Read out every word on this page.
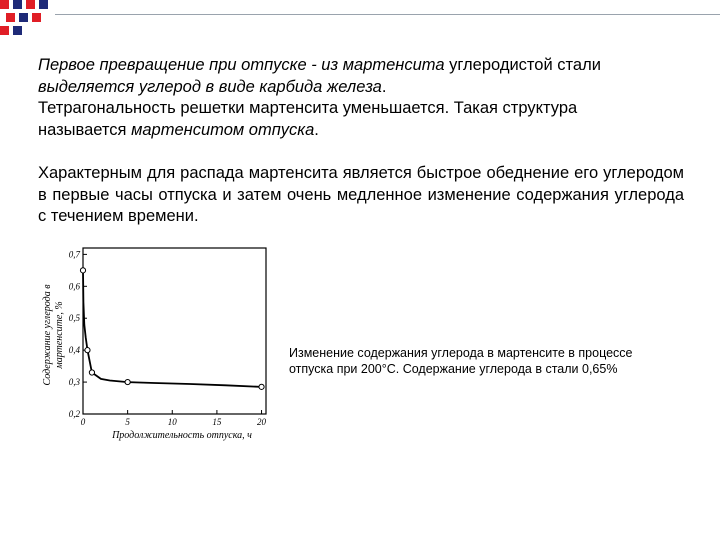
Первое превращение при отпуске - из мартенсита углеродистой стали
выделяется углерод в виде карбида железа.
Тетрагональность решетки мартенсита уменьшается. Такая структура
называется мартенситом отпуска.

Характерным для распада мартенсита является быстрое обеднение его углеродом в первые часы отпуска и затем очень медленное изменение содержания углерода с течением времени.

0,2
0,3
0,4
0,5
0,6
0,7
0	5	10	15	20
Содержание углерода в мартенсите, %
Продолжительность отпуска, ч
Изменение содержания углерода в мартенсите в процессе
отпуска при 200°С. Содержание углерода в стали 0,65%
